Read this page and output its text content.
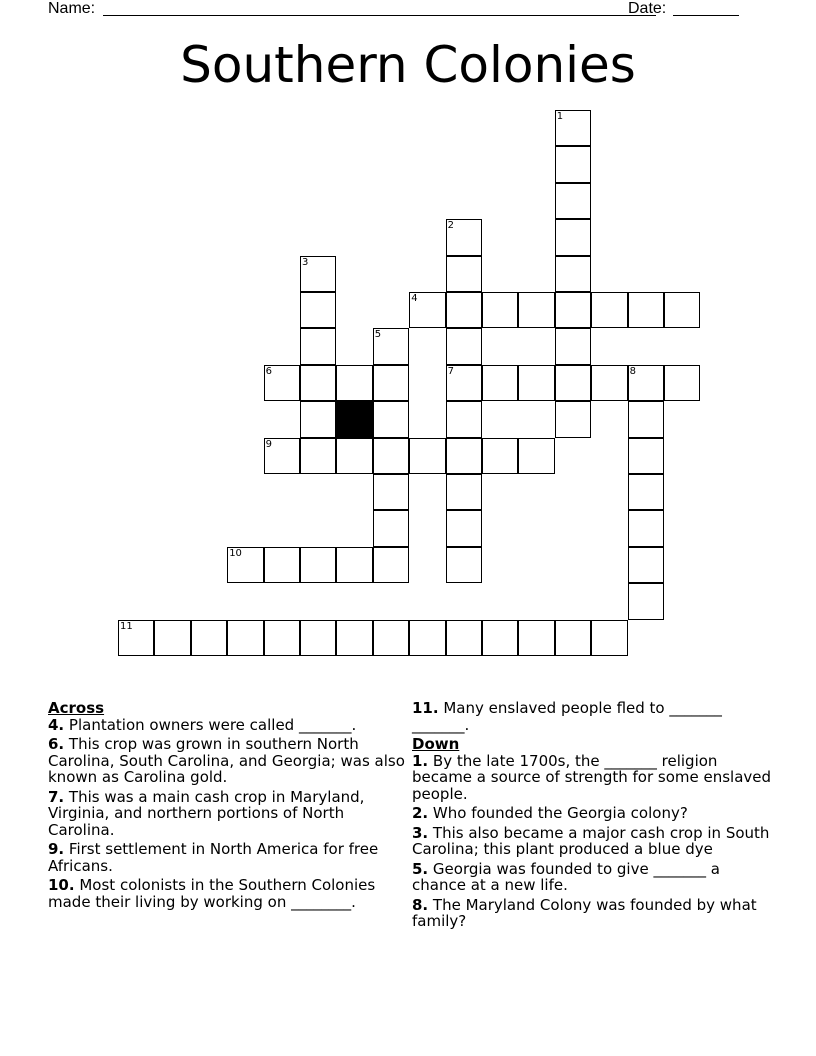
Name:	Date:
Southern Colonies
1
2
3
4
5
6	7	8
9
10
11

Across

4. Plantation owners were called _______.

6. This crop was grown in southern North Carolina, South Carolina, and Georgia; was also known as Carolina gold.

7. This was a main cash crop in Maryland, Virginia, and northern portions of North Carolina.

9. First settlement in North America for free Africans.

10. Most colonists in the Southern Colonies made their living by working on ________.

11. Many enslaved people fled to _______ _______.

Down

1. By the late 1700s, the _______ religion became a source of strength for some enslaved people.

2. Who founded the Georgia colony?

3. This also became a major cash crop in South Carolina; this plant produced a blue dye

5. Georgia was founded to give _______ a chance at a new life.

8. The Maryland Colony was founded by what family?
